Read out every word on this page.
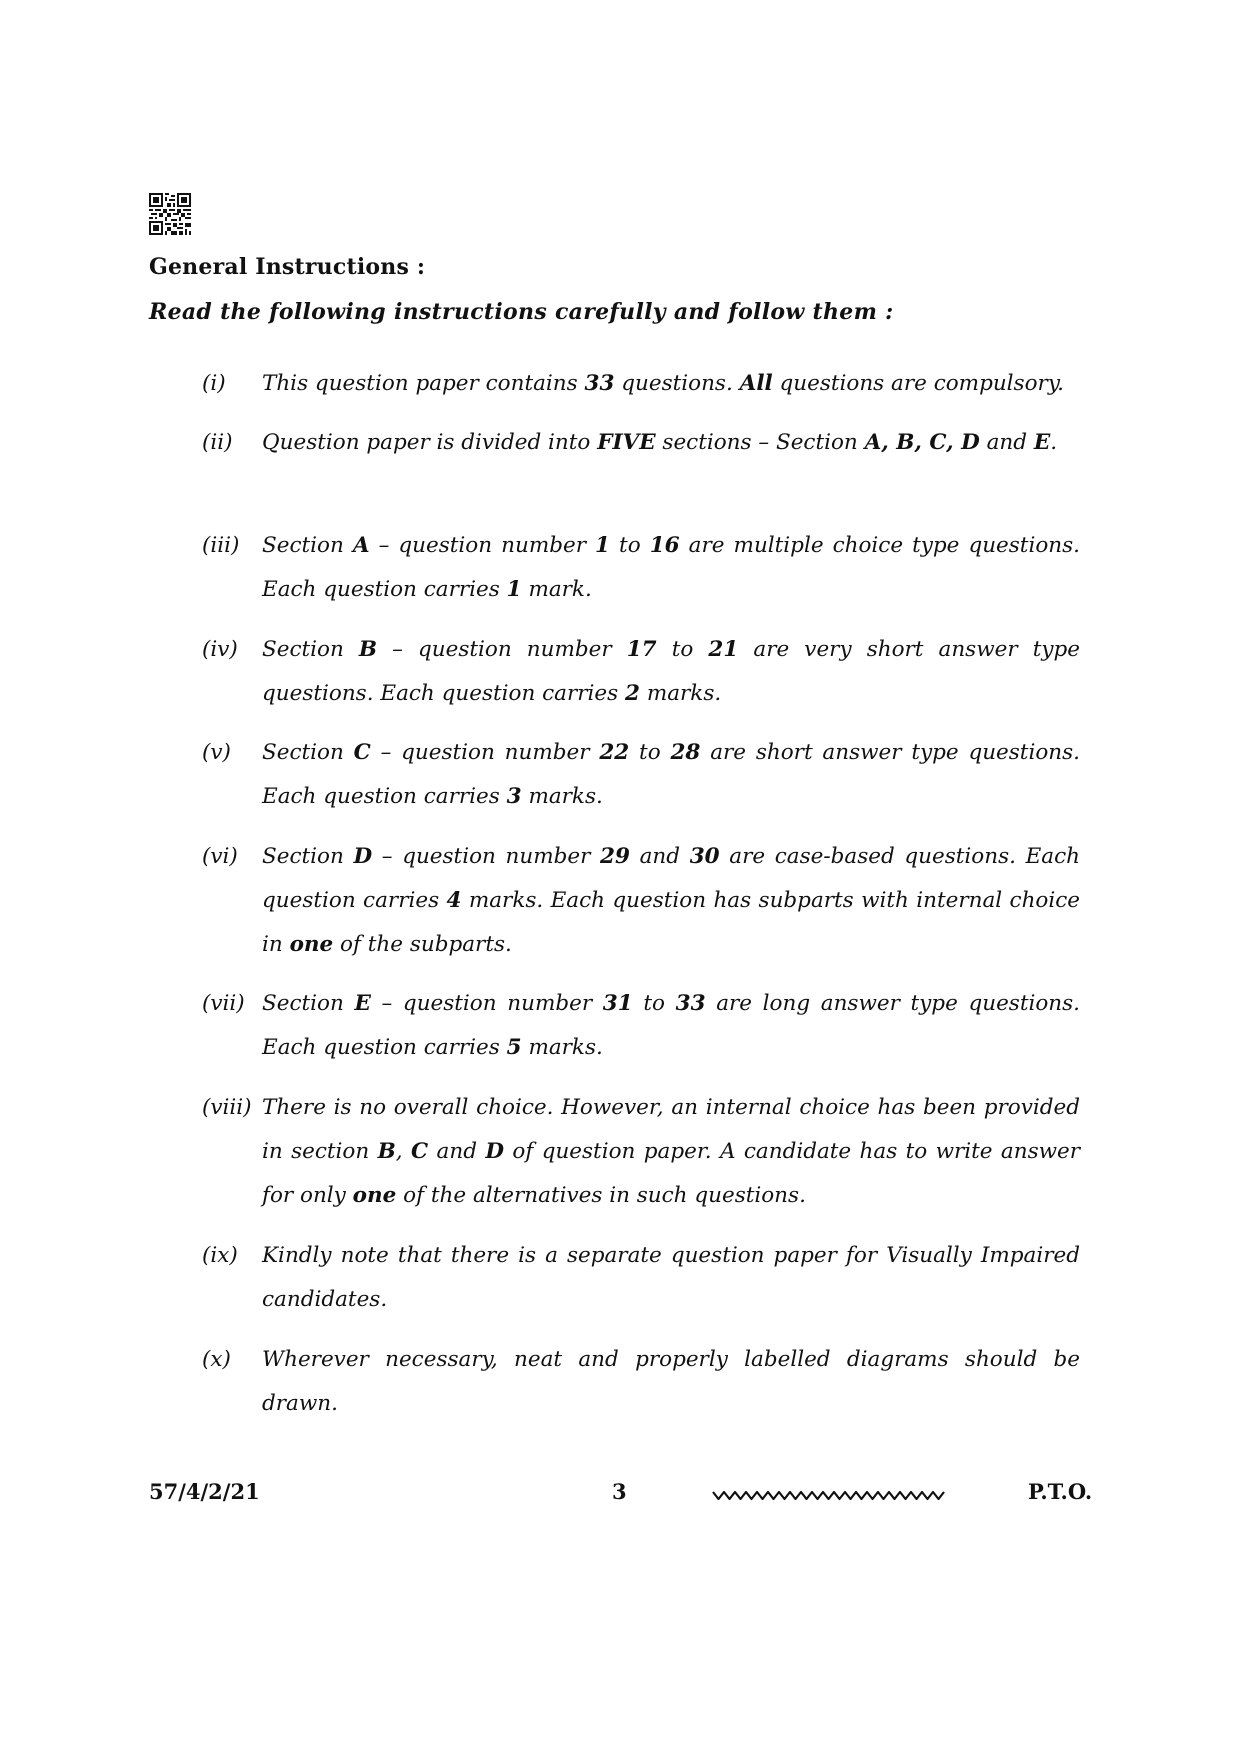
General Instructions :
Read the following instructions carefully and follow them :
(i)	This question paper contains 33 questions. All questions are compulsory.
(ii)	Question paper is divided into FIVE sections – Section A, B, C, D and E.
(iii)	Section A – question number 1 to 16 are multiple choice type questions. Each question carries 1 mark.
(iv)	Section B – question number 17 to 21 are very short answer type questions. Each question carries 2 marks.
(v)	Section C – question number 22 to 28 are short answer type questions. Each question carries 3 marks.
(vi)	Section D – question number 29 and 30 are case-based questions. Each question carries 4 marks. Each question has subparts with internal choice in one of the subparts.
(vii) Section E – question number 31 to 33 are long answer type questions. Each question carries 5 marks.
(viii) There is no overall choice. However, an internal choice has been provided in section B, C and D of question paper. A candidate has to write answer for only one of the alternatives in such questions.
(ix)	Kindly note that there is a separate question paper for Visually Impaired candidates.
(x)	Wherever necessary, neat and properly labelled diagrams should be drawn.
57/4/2/21	3	P.T.O.
